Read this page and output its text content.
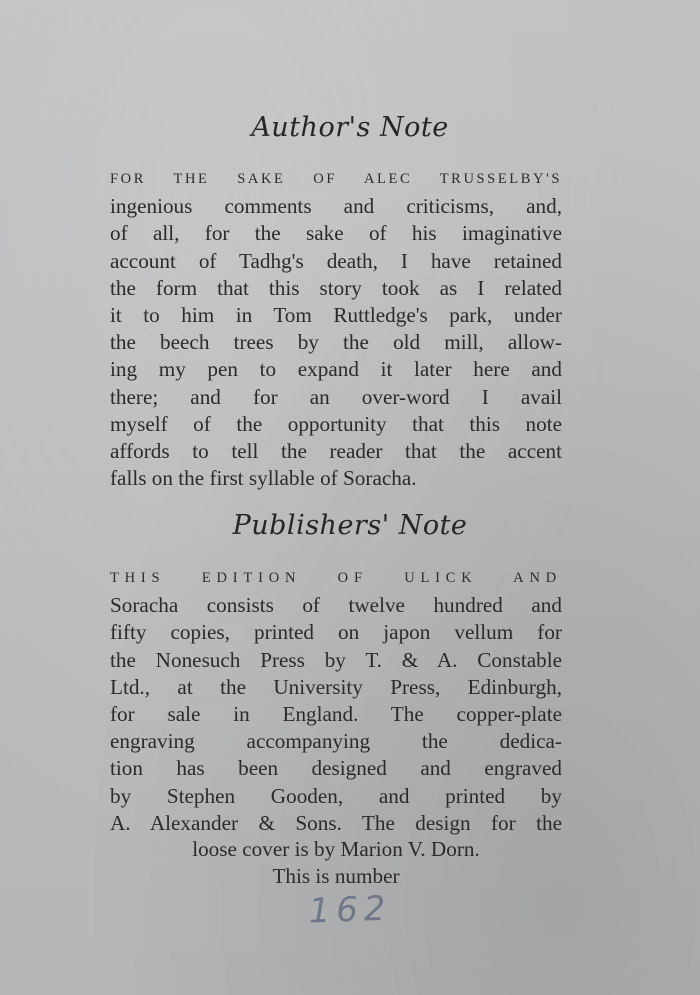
Author's Note
FOR THE SAKE OF ALEC TRUSSELBY'S
ingenious comments and criticisms, and,
of all, for the sake of his imaginative
account of Tadhg's death, I have retained
the form that this story took as I related
it to him in Tom Ruttledge's park, under
the beech trees by the old mill, allow-
ing my pen to expand it later here and
there; and for an over-word I avail
myself of the opportunity that this note
affords to tell the reader that the accent
falls on the first syllable of Soracha.
Publishers' Note
THIS EDITION OF ULICK AND
Soracha consists of twelve hundred and
fifty copies, printed on japon vellum for
the Nonesuch Press by T. & A. Constable
Ltd., at the University Press, Edinburgh,
for sale in England. The copper-plate
engraving accompanying the dedica-
tion has been designed and engraved
by Stephen Gooden, and printed by
A. Alexander & Sons. The design for the
loose cover is by Marion V. Dorn.
This is number
162
